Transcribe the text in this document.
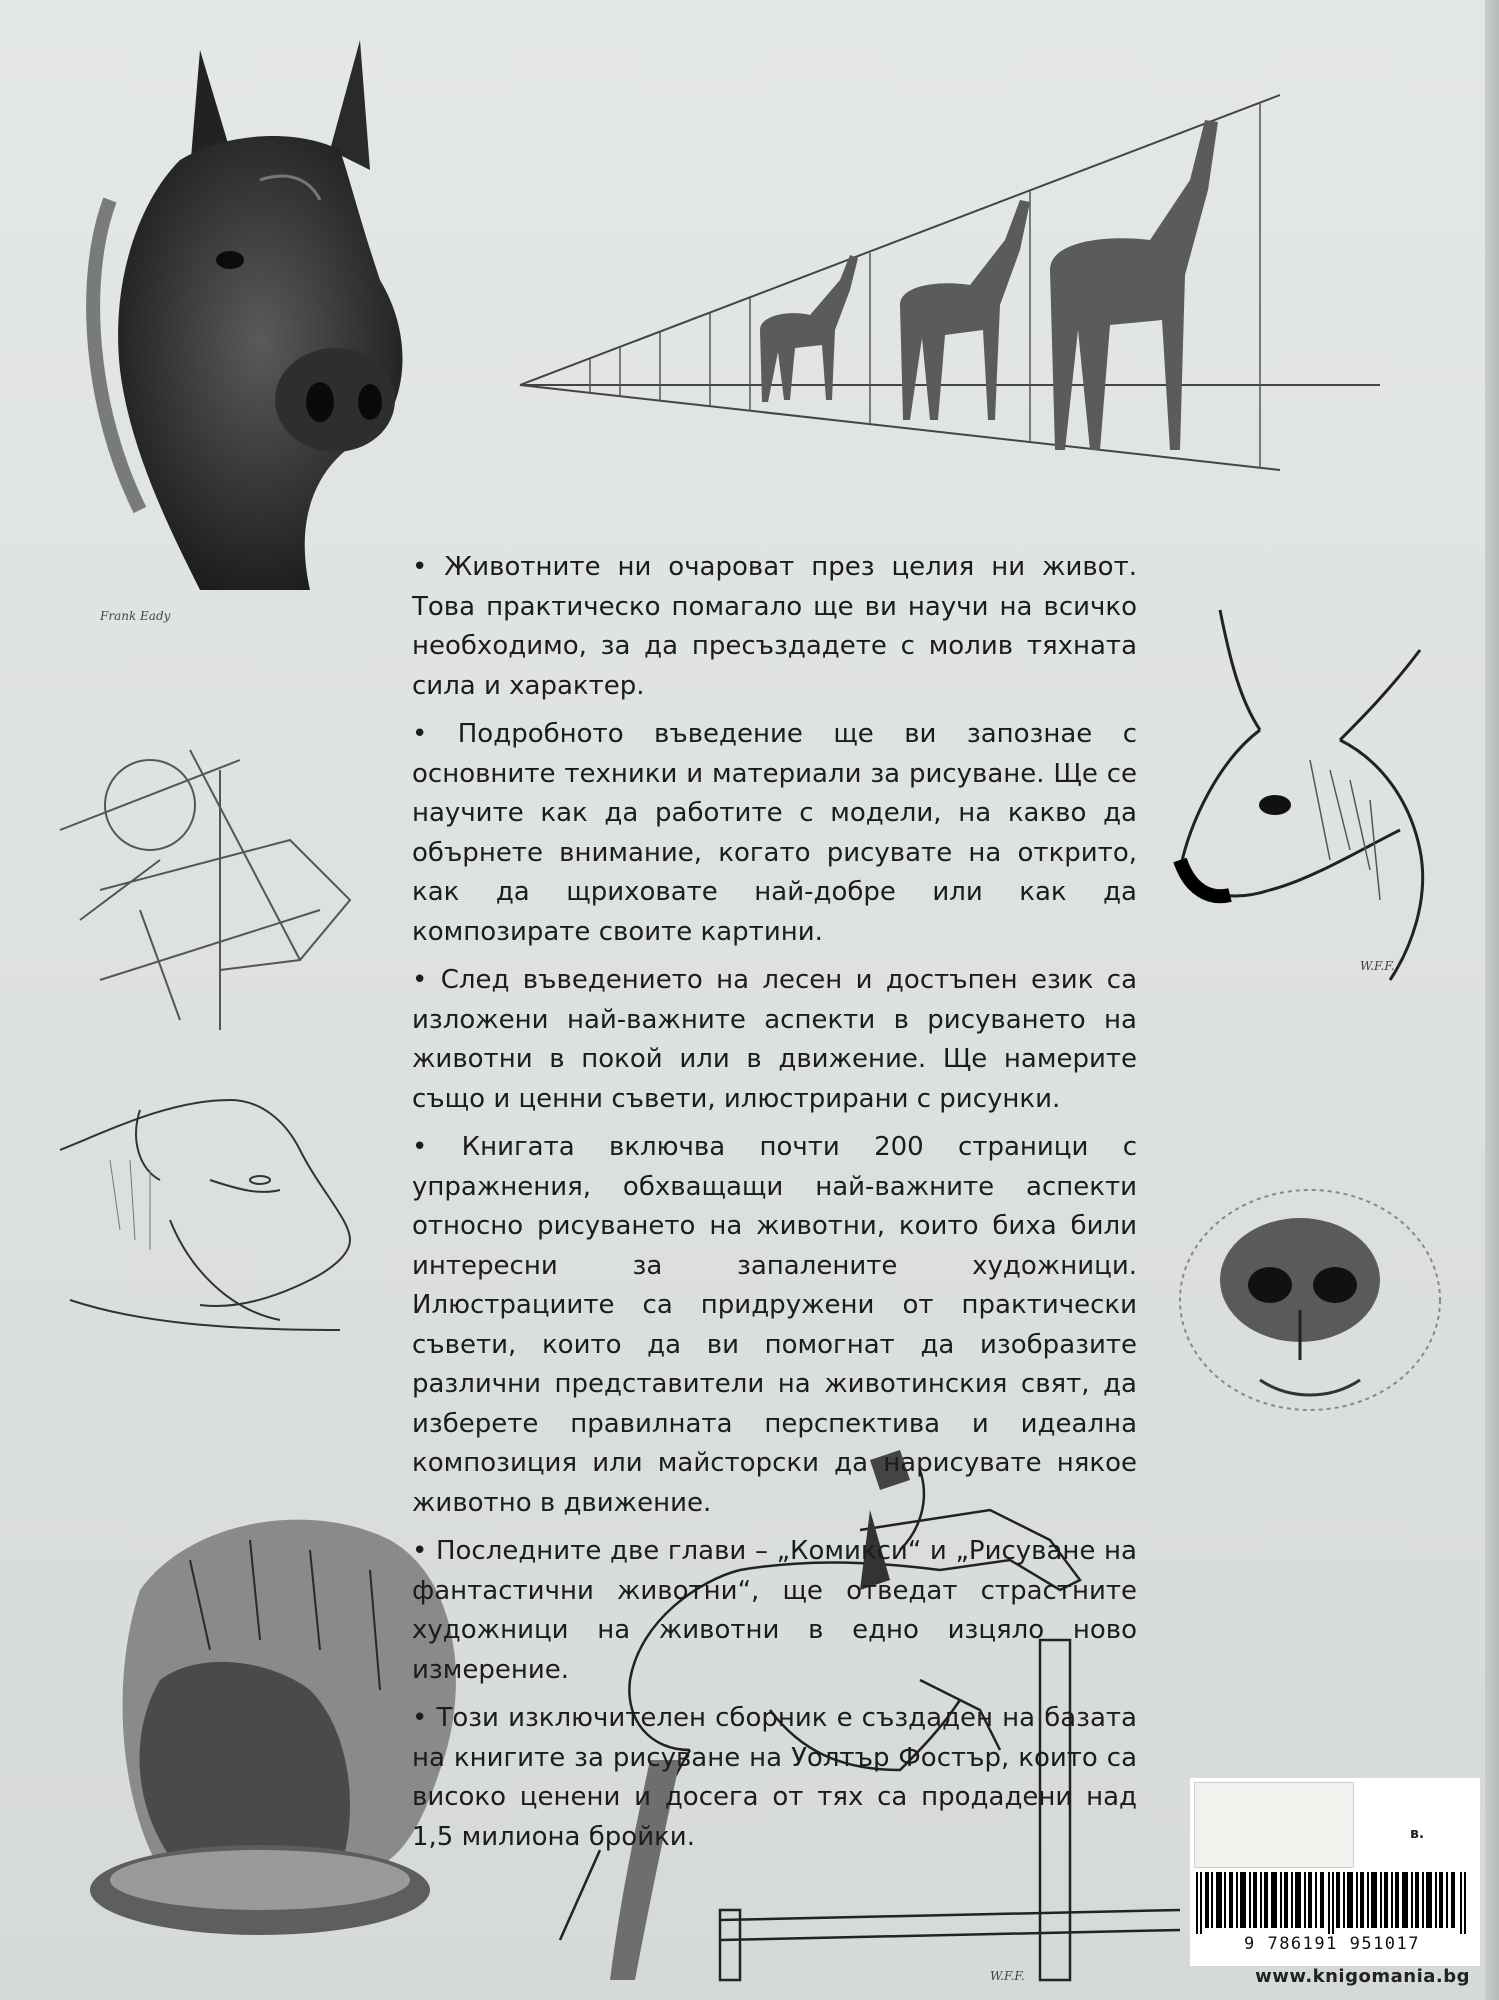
Frank Eady
W.F.F.
W.F.F.

• Животните ни очароват през целия ни живот. Това практическо помагало ще ви научи на всичко необходимо, за да пресъздадете с молив тяхната сила и характер.

• Подробното въведение ще ви запознае с основните техники и материали за рисуване. Ще се научите как да работите с модели, на какво да обърнете внимание, когато рисувате на открито, как да щриховате най-добре или как да композирате своите картини.

• След въведението на лесен и достъпен език са изложени най-важните аспекти в рисуването на животни в покой или в движение. Ще намерите също и ценни съвети, илюстрирани с рисунки.

• Книгата включва почти 200 страници с упражнения, обхващащи най-важните аспекти относно рисуването на животни, които биха били интересни за запалените художници. Илюстрациите са придружени от практически съвети, които да ви помогнат да изобразите различни представители на животинския свят, да изберете правилната перспектива и идеална композиция или майсторски да нарисувате някое животно в движение.

• Последните две глави – „Комикси“ и „Рисуване на фантастични животни“, ще отведат страстните художници на животни в едно изцяло ново измерение.

• Този изключителен сборник е създаден на базата на книгите за рисуване на Уолтър Фостър, които са високо ценени и досега от тях са продадени над 1,5 милиона бройки.	в.
9 786191 951017
www.knigomania.bg
